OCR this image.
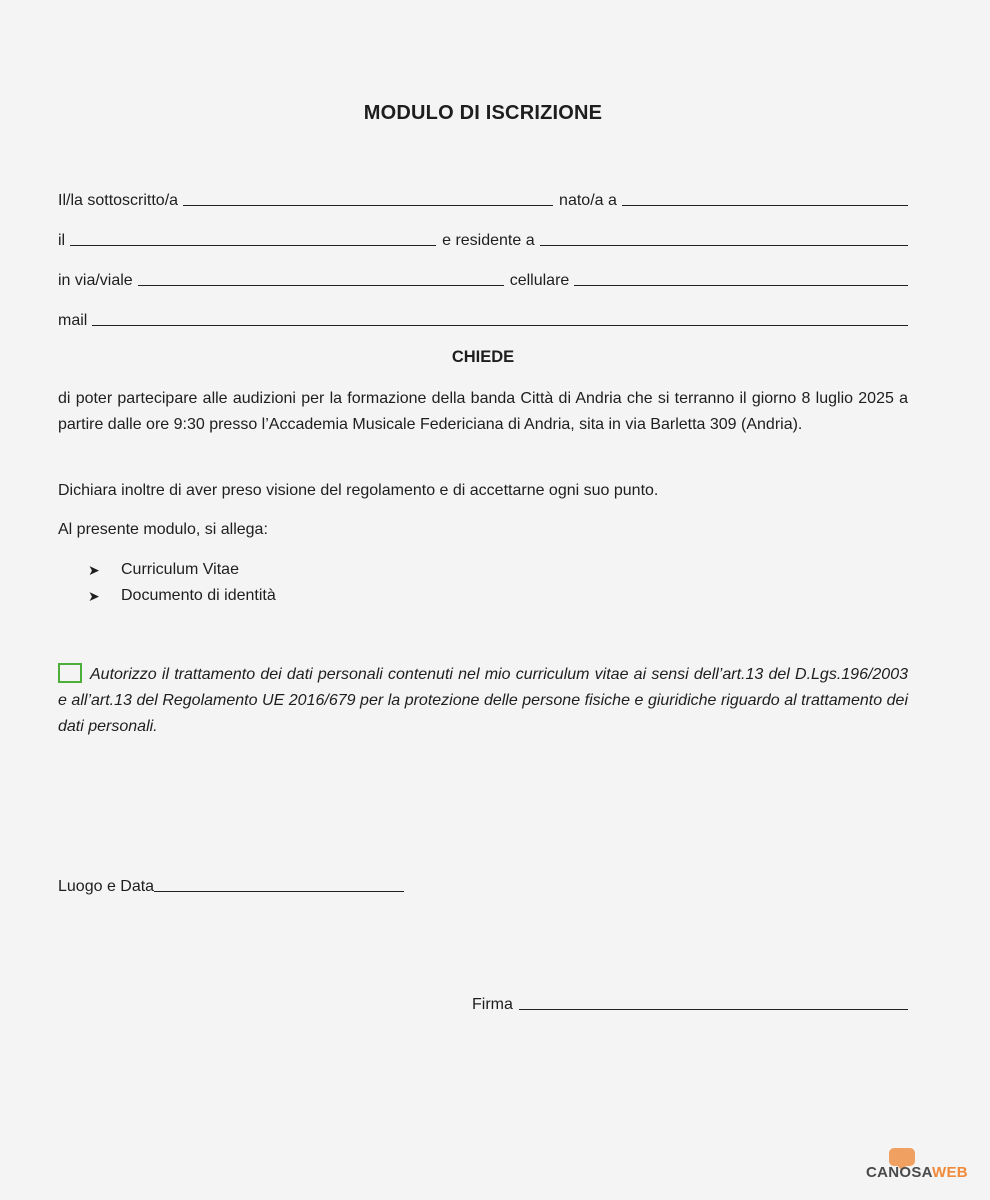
MODULO DI ISCRIZIONE
Il/la sottoscritto/a	nato/a a
il	e residente a
in via/viale	cellulare
mail
CHIEDE
di poter partecipare alle audizioni per la formazione della banda Città di Andria che si terranno il giorno 8 luglio 2025 a partire dalle ore 9:30 presso l’Accademia Musicale Federiciana di Andria, sita in via Barletta 309 (Andria).
Dichiara inoltre di aver preso visione del regolamento e di accettarne ogni suo punto.
Al presente modulo, si allega:
➤	Curriculum Vitae
➤	Documento di identità
Autorizzo il trattamento dei dati personali contenuti nel mio curriculum vitae ai sensi dell’art.13 del D.Lgs.196/2003 e all’art.13 del Regolamento UE 2016/679 per la protezione delle persone fisiche e giuridiche riguardo al trattamento dei dati personali.
Luogo e Data
Firma
CANOSAWEB
